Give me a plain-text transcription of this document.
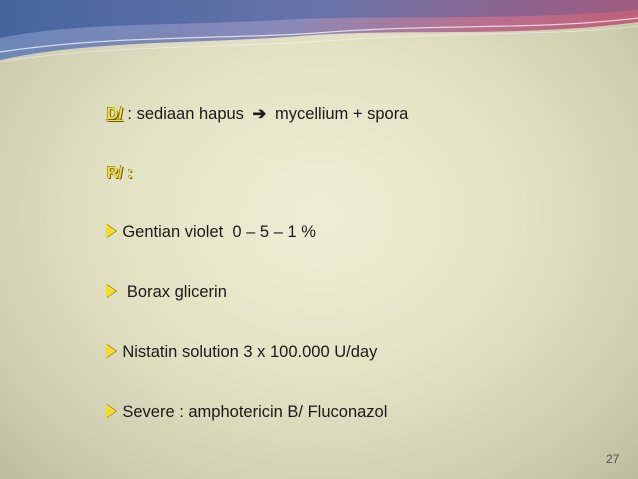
D/ : sediaan hapus ➔ mycellium + spora

R/ :

Gentian violet  0 – 5 – 1 %

Borax glicerin

Nistatin solution 3 x 100.000 U/day

Severe : amphotericin B/ Fluconazol

27
